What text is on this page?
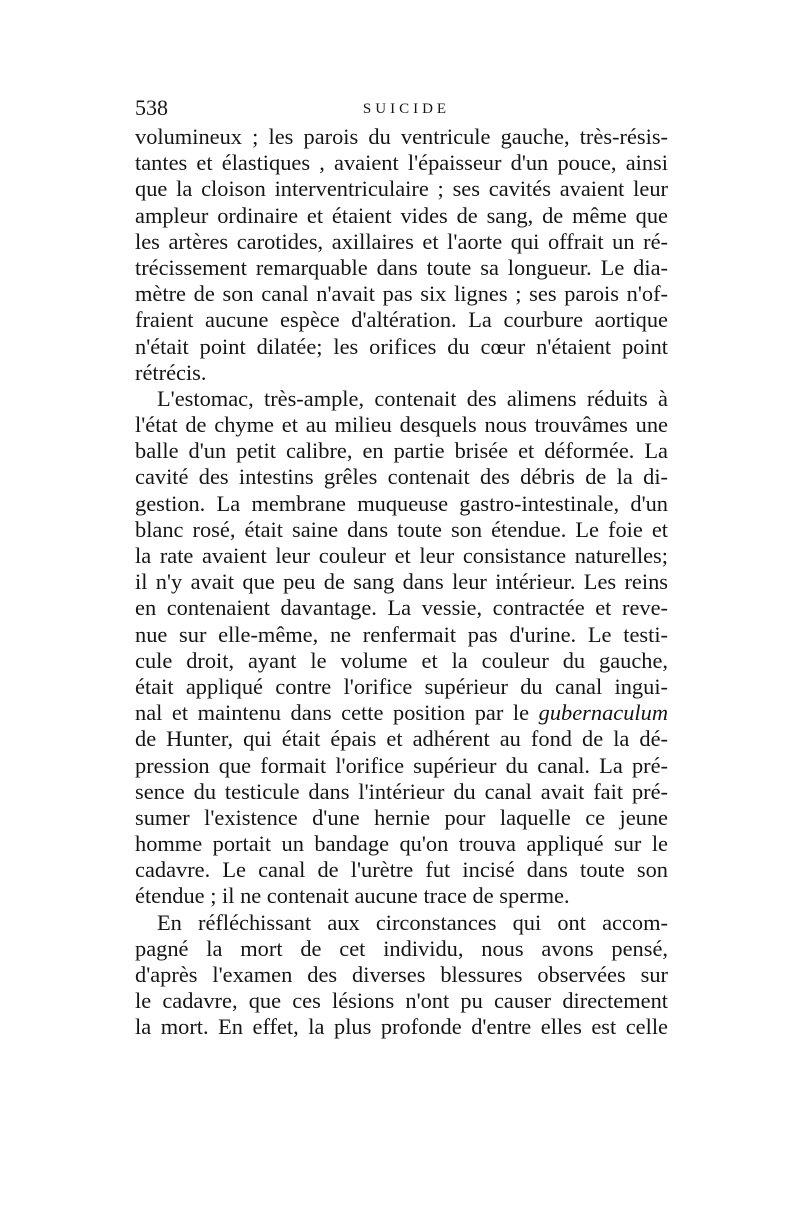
538	SUICIDE
volumineux ; les parois du ventricule gauche, très-résis-
tantes et élastiques , avaient l'épaisseur d'un pouce, ainsi
que la cloison interventriculaire ; ses cavités avaient leur
ampleur ordinaire et étaient vides de sang, de même que
les artères carotides, axillaires et l'aorte qui offrait un ré-
trécissement remarquable dans toute sa longueur. Le dia-
mètre de son canal n'avait pas six lignes ; ses parois n'of-
fraient aucune espèce d'altération. La courbure aortique
n'était point dilatée; les orifices du cœur n'étaient point
rétrécis.
L'estomac, très-ample, contenait des alimens réduits à
l'état de chyme et au milieu desquels nous trouvâmes une
balle d'un petit calibre, en partie brisée et déformée. La
cavité des intestins grêles contenait des débris de la di-
gestion. La membrane muqueuse gastro-intestinale, d'un
blanc rosé, était saine dans toute son étendue. Le foie et
la rate avaient leur couleur et leur consistance naturelles;
il n'y avait que peu de sang dans leur intérieur. Les reins
en contenaient davantage. La vessie, contractée et reve-
nue sur elle-même, ne renfermait pas d'urine. Le testi-
cule droit, ayant le volume et la couleur du gauche,
était appliqué contre l'orifice supérieur du canal ingui-
nal et maintenu dans cette position par le gubernaculum
de Hunter, qui était épais et adhérent au fond de la dé-
pression que formait l'orifice supérieur du canal. La pré-
sence du testicule dans l'intérieur du canal avait fait pré-
sumer l'existence d'une hernie pour laquelle ce jeune
homme portait un bandage qu'on trouva appliqué sur le
cadavre. Le canal de l'urètre fut incisé dans toute son
étendue ; il ne contenait aucune trace de sperme.
En réfléchissant aux circonstances qui ont accom-
pagné la mort de cet individu, nous avons pensé,
d'après l'examen des diverses blessures observées sur
le cadavre, que ces lésions n'ont pu causer directement
la mort. En effet, la plus profonde d'entre elles est celle
